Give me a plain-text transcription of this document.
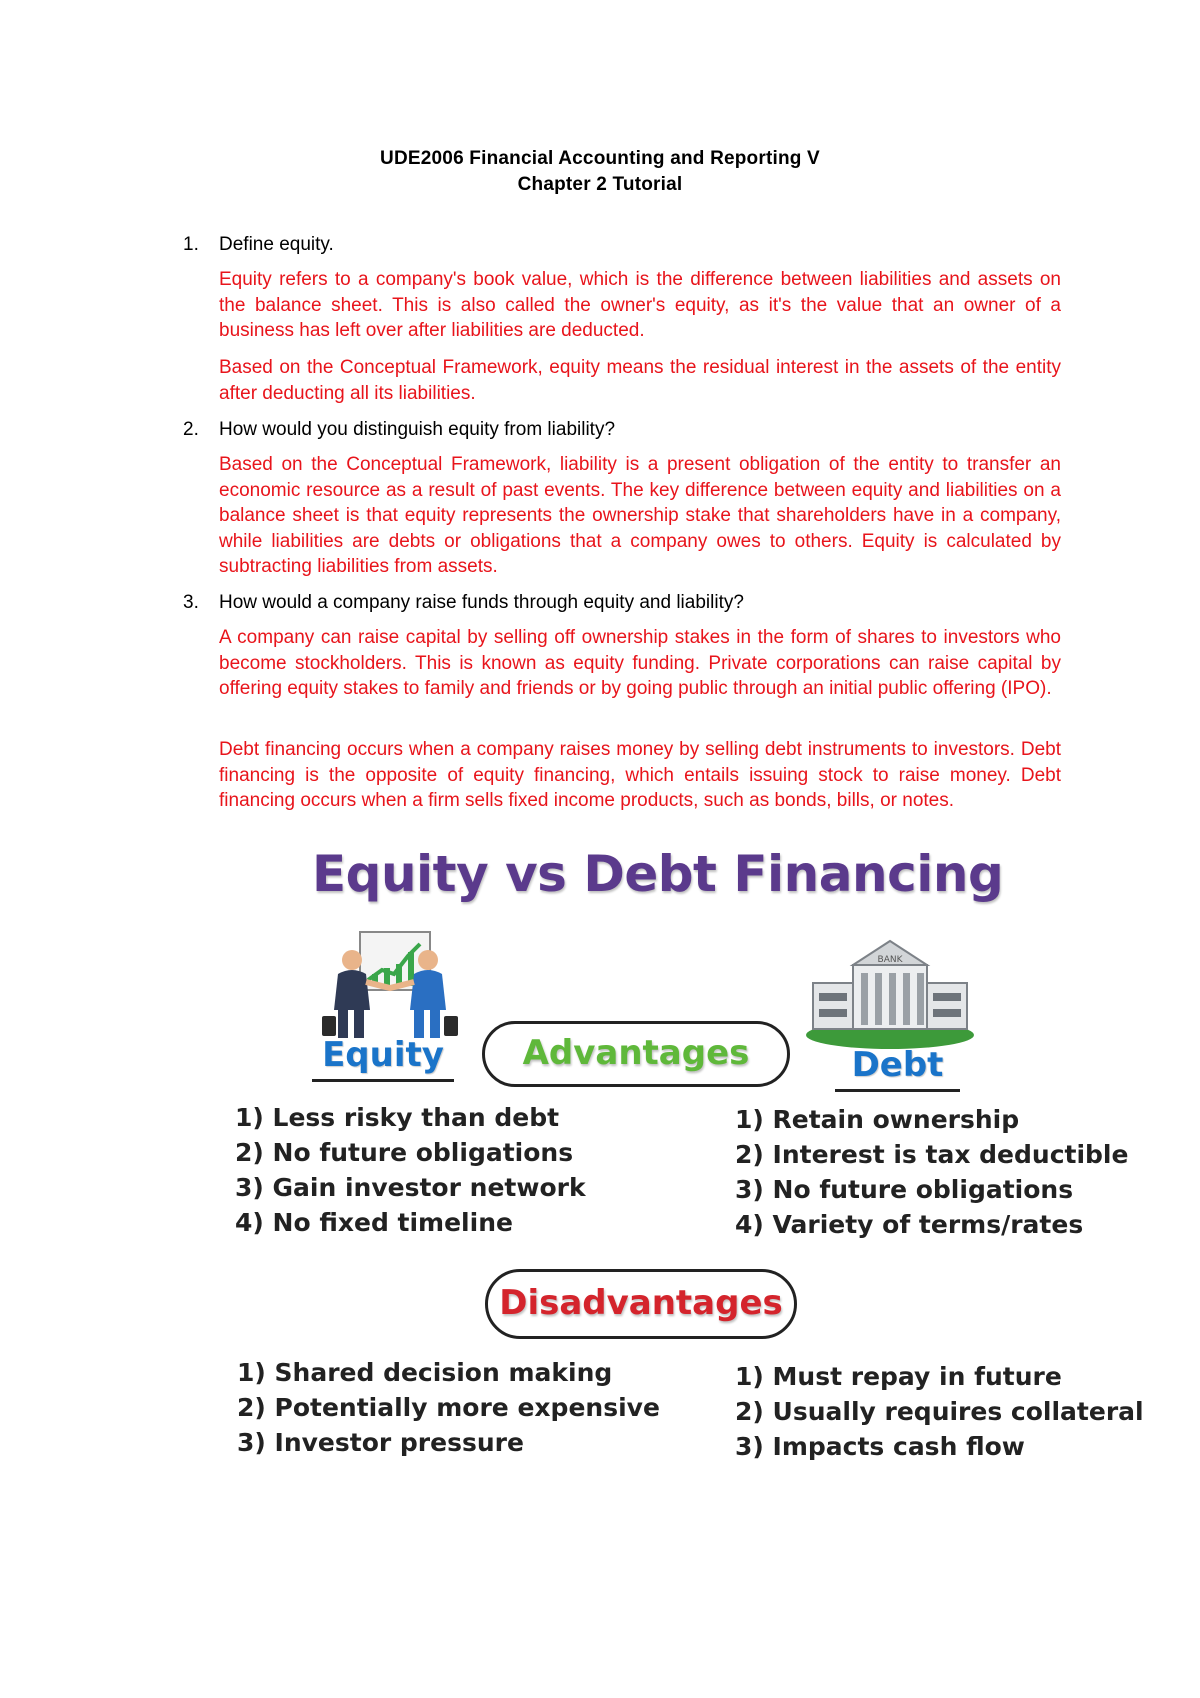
UDE2006 Financial Accounting and Reporting V
Chapter 2 Tutorial
1.	Define equity.
Equity refers to a company's book value, which is the difference between liabilities and assets on the balance sheet. This is also called the owner's equity, as it's the value that an owner of a business has left over after liabilities are deducted.
Based on the Conceptual Framework, equity means the residual interest in the assets of the entity after deducting all its liabilities.
2.	How would you distinguish equity from liability?
Based on the Conceptual Framework, liability is a present obligation of the entity to transfer an economic resource as a result of past events. The key difference between equity and liabilities on a balance sheet is that equity represents the ownership stake that shareholders have in a company, while liabilities are debts or obligations that a company owes to others. Equity is calculated by subtracting liabilities from assets.
3.	How would a company raise funds through equity and liability?
A company can raise capital by selling off ownership stakes in the form of shares to investors who become stockholders. This is known as equity funding. Private corporations can raise capital by offering equity stakes to family and friends or by going public through an initial public offering (IPO).
Debt financing occurs when a company raises money by selling debt instruments to investors. Debt financing is the opposite of equity financing, which entails issuing stock to raise money. Debt financing occurs when a firm sells fixed income products, such as bonds, bills, or notes.
Equity vs Debt Financing
BANK
Equity	Debt
Advantages
1) Less risky than debt
2) No future obligations
3) Gain investor network
4) No fixed timeline
1) Retain ownership
2) Interest is tax deductible
3) No future obligations
4) Variety of terms/rates
Disadvantages
1) Shared decision making
2) Potentially more expensive
3) Investor pressure
1) Must repay in future
2) Usually requires collateral
3) Impacts cash flow
